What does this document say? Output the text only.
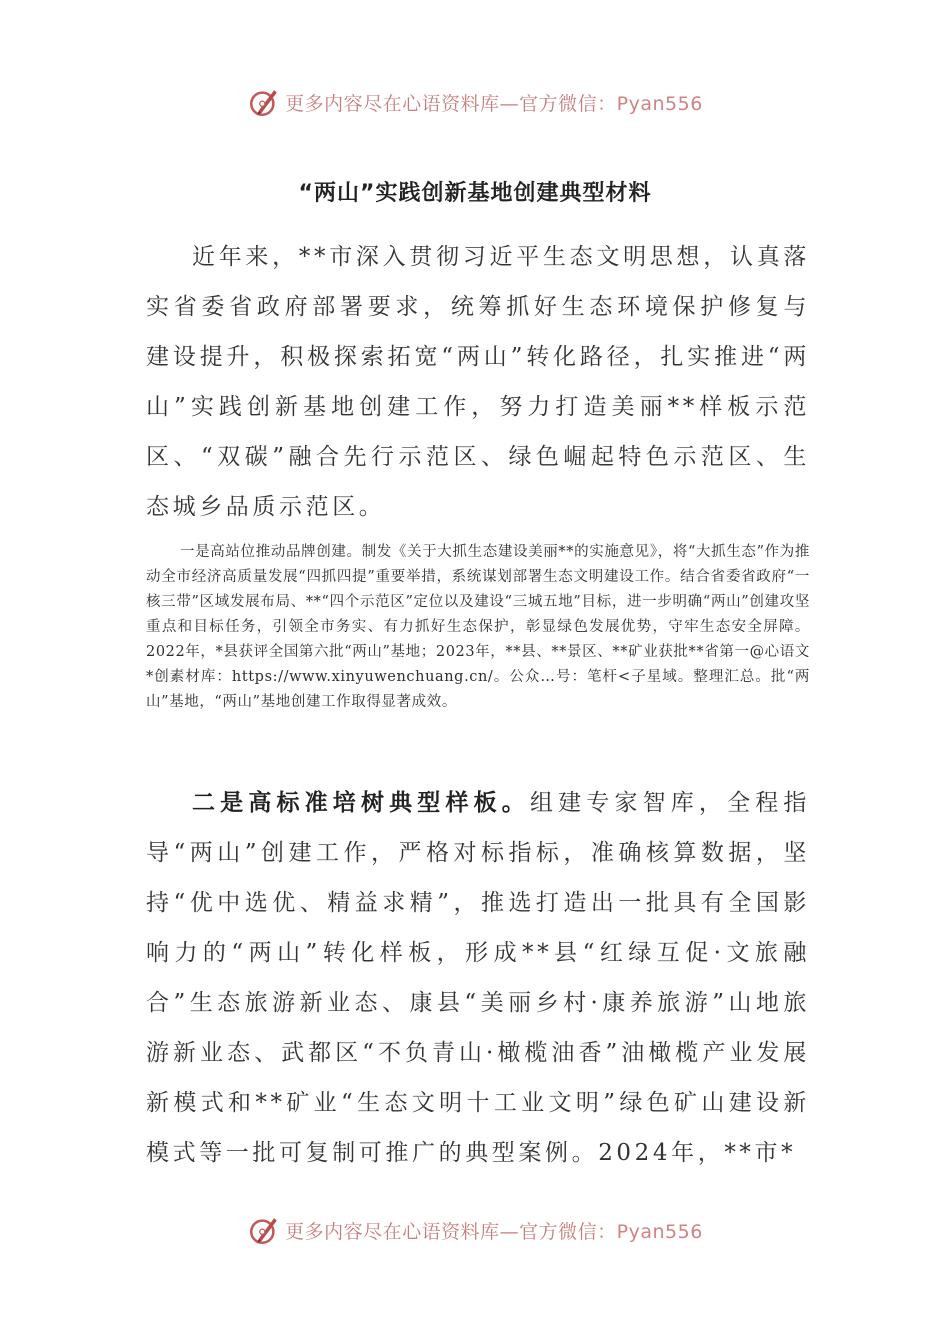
更多内容尽在心语资料库—官方微信：Pyan556
“两山”实践创新基地创建典型材料

近年来，**市深入贯彻习近平生态文明思想，认真落实省委省政府部署要求，统筹抓好生态环境保护修复与建设提升，积极探索拓宽“两山”转化路径，扎实推进“两山”实践创新基地创建工作，努力打造美丽**样板示范区、“双碳”融合先行示范区、绿色崛起特色示范区、生态城乡品质示范区。

一是高站位推动品牌创建。制发《关于大抓生态建设美丽**的实施意见》，将“大抓生态”作为推动全市经济高质量发展“四抓四提”重要举措，系统谋划部署生态文明建设工作。结合省委省政府“一核三带”区域发展布局、**“四个示范区”定位以及建设“三城五地”目标，进一步明确“两山”创建攻坚重点和目标任务，引领全市务实、有力抓好生态保护，彰显绿色发展优势，守牢生态安全屏障。2022年，*县获评全国第六批“两山”基地；2023年，**县、**景区、**矿业获批**省第一@心语文*创素材库：https://www.xinyuwenchuang.cn/。公众…号：笔杆<子星域。整理汇总。批“两山”基地，“两山”基地创建工作取得显著成效。

二是高标准培树典型样板。组建专家智库，全程指导“两山”创建工作，严格对标指标，准确核算数据，坚持“优中选优、精益求精”，推选打造出一批具有全国影响力的“两山”转化样板，形成**县“红绿互促·文旅融合”生态旅游新业态、康县“美丽乡村·康养旅游”山地旅游新业态、武都区“不负青山·橄榄油香”油橄榄产业发展新模式和**矿业“生态文明十工业文明”绿色矿山建设新模式等一批可复制可推广的典型案例。2024年，**市*

更多内容尽在心语资料库—官方微信：Pyan556
